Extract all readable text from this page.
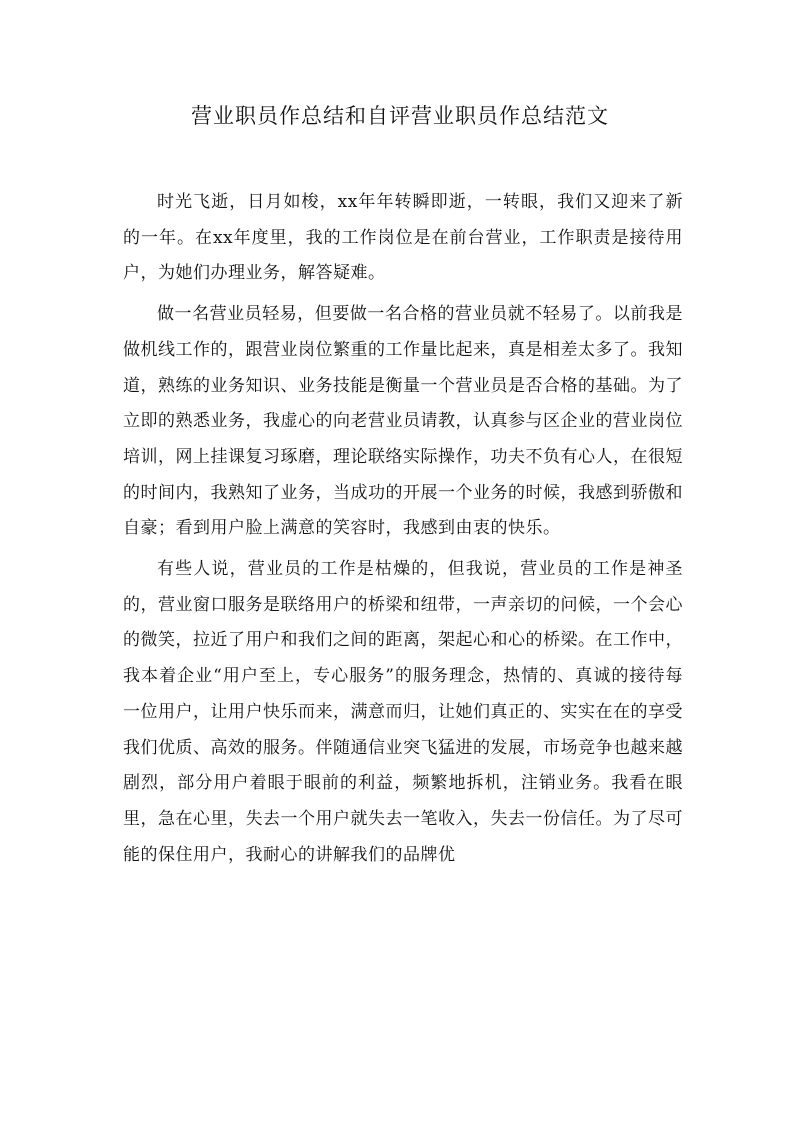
营业职员作总结和自评营业职员作总结范文

时光飞逝，日月如梭，xx年年转瞬即逝，一转眼，我们又迎来了新的一年。在xx年度里，我的工作岗位是在前台营业，工作职责是接待用户，为她们办理业务，解答疑难。

做一名营业员轻易，但要做一名合格的营业员就不轻易了。以前我是做机线工作的，跟营业岗位繁重的工作量比起来，真是相差太多了。我知道，熟练的业务知识、业务技能是衡量一个营业员是否合格的基础。为了立即的熟悉业务，我虚心的向老营业员请教，认真参与区企业的营业岗位培训，网上挂课复习琢磨，理论联络实际操作，功夫不负有心人，在很短的时间内，我熟知了业务，当成功的开展一个业务的时候，我感到骄傲和自豪；看到用户脸上满意的笑容时，我感到由衷的快乐。

有些人说，营业员的工作是枯燥的，但我说，营业员的工作是神圣的，营业窗口服务是联络用户的桥梁和纽带，一声亲切的问候，一个会心的微笑，拉近了用户和我们之间的距离，架起心和心的桥梁。在工作中，我本着企业“用户至上，专心服务”的服务理念，热情的、真诚的接待每一位用户，让用户快乐而来，满意而归，让她们真正的、实实在在的享受我们优质、高效的服务。伴随通信业突飞猛进的发展，市场竞争也越来越剧烈，部分用户着眼于眼前的利益，频繁地拆机，注销业务。我看在眼里，急在心里，失去一个用户就失去一笔收入，失去一份信任。为了尽可能的保住用户，我耐心的讲解我们的品牌优
